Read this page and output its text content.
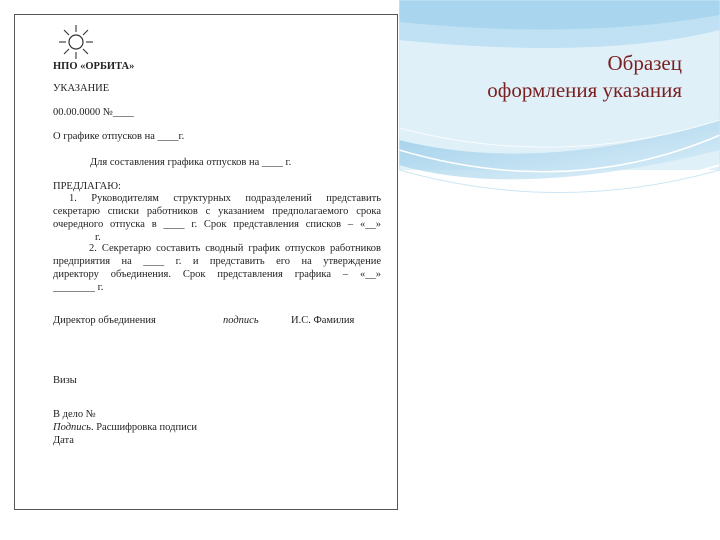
Образец
оформления указания
НПО «ОРБИТА»
УКАЗАНИЕ
00.00.0000 №____
О графике отпусков на ____г.
Для составления графика отпусков на ____ г.
ПРЕДЛАГАЮ:
1. Руководителям структурных подразделений представить
секретарю списки работников с указанием предполагаемого срока
очередного отпуска в ____ г. Срок представления списков – «__»
г.
2. Секретарю составить сводный график отпусков работников
предприятия на ____ г. и представить его на утверждение
директору объединения. Срок представления графика – «__»
________ г.
Директор объединения	подпись	И.С. Фамилия
Визы
В дело №
Подпись. Расшифровка подписи
Дата
